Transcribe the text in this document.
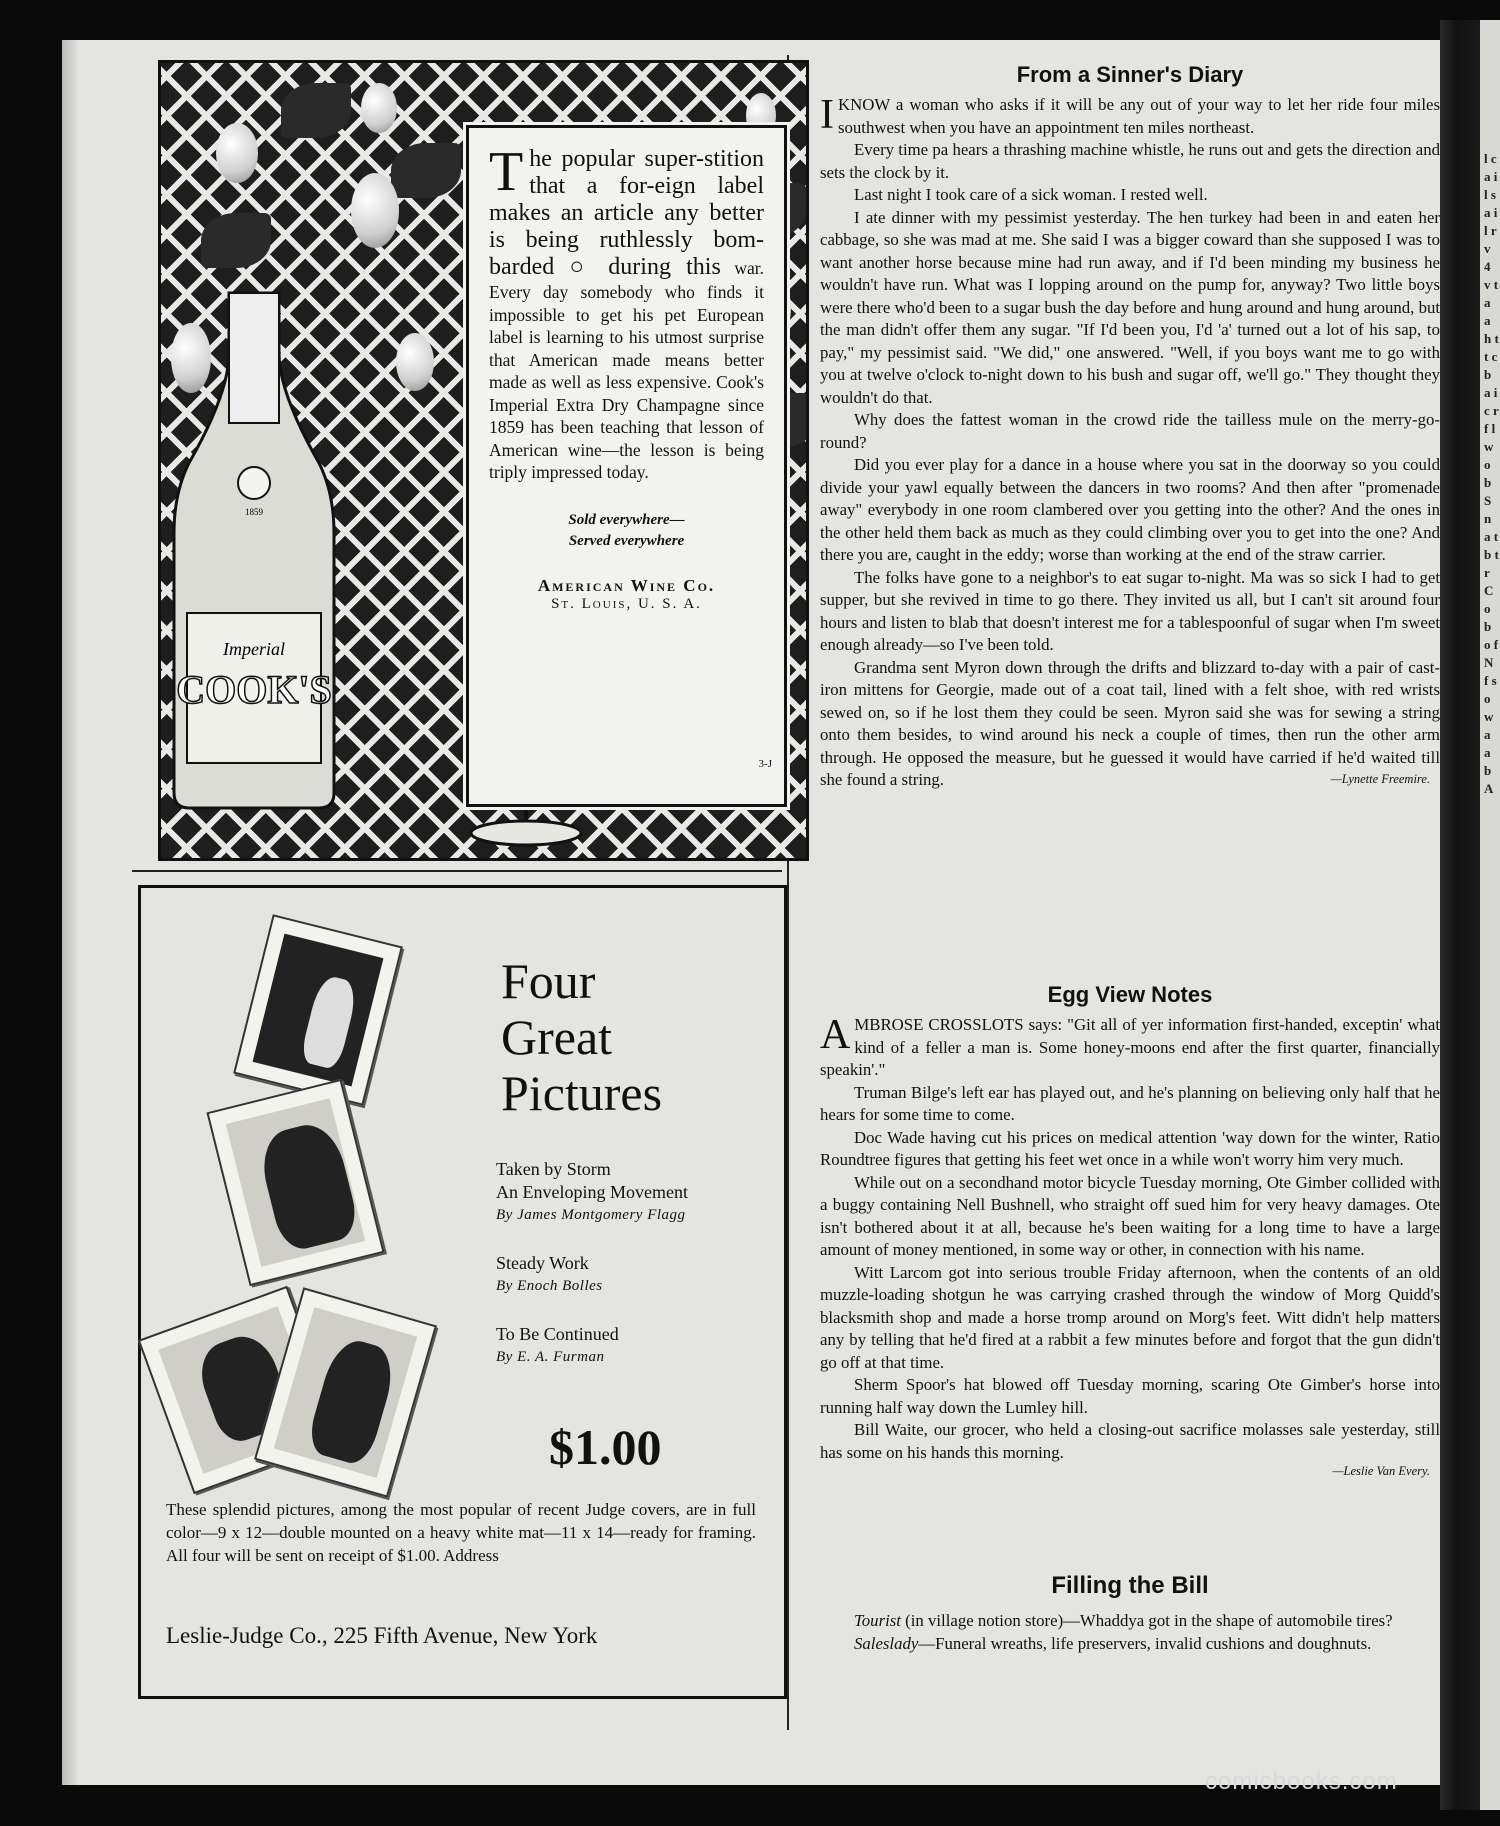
l c a i l s a i l r v 4 v t a a h t t c b a i c r f l w o b S n a t b t r C o b o f N f s o w a a b A
1859
Imperial
COOK'S
The popular super-stition that a for-eign label makes an article any better is being ruthlessly bom-barded ○ during this war. Every day somebody who finds it impossible to get his pet European label is learning to his utmost surprise that American made means better made as well as less expensive. Cook's Imperial Extra Dry Champagne since 1859 has been teaching that lesson of American wine—the lesson is being triply impressed today.
Sold everywhere—
Served everywhere
American Wine Co.
St. Louis, U. S. A.
3-J
Four
Great
Pictures
Taken by Storm
An Enveloping Movement
By James Montgomery Flagg
Steady Work
By Enoch Bolles
To Be Continued
By E. A. Furman
$1.00
These splendid pictures, among the most popular of recent Judge covers, are in full color—9 x 12—double mounted on a heavy white mat—11 x 14—ready for framing. All four will be sent on receipt of $1.00. Address
Leslie-Judge Co., 225 Fifth Avenue, New York
From a Sinner's Diary

IKNOW a woman who asks if it will be any out of your way to let her ride four miles southwest when you have an appointment ten miles northeast.

Every time pa hears a thrashing machine whistle, he runs out and gets the direction and sets the clock by it.

Last night I took care of a sick woman. I rested well.

I ate dinner with my pessimist yesterday. The hen turkey had been in and eaten her cabbage, so she was mad at me. She said I was a bigger coward than she supposed I was to want another horse because mine had run away, and if I'd been minding my business he wouldn't have run. What was I lopping around on the pump for, anyway? Two little boys were there who'd been to a sugar bush the day before and hung around and hung around, but the man didn't offer them any sugar. "If I'd been you, I'd 'a' turned out a lot of his sap, to pay," my pessimist said. "We did," one answered. "Well, if you boys want me to go with you at twelve o'clock to-night down to his bush and sugar off, we'll go." They thought they wouldn't do that.

Why does the fattest woman in the crowd ride the tailless mule on the merry-go-round?

Did you ever play for a dance in a house where you sat in the doorway so you could divide your yawl equally between the dancers in two rooms? And then after "promenade away" everybody in one room clambered over you getting into the other? And the ones in the other held them back as much as they could climbing over you to get into the one? And there you are, caught in the eddy; worse than working at the end of the straw carrier.

The folks have gone to a neighbor's to eat sugar to-night. Ma was so sick I had to get supper, but she revived in time to go there. They invited us all, but I can't sit around four hours and listen to blab that doesn't interest me for a tablespoonful of sugar when I'm sweet enough already—so I've been told.

Grandma sent Myron down through the drifts and blizzard to-day with a pair of cast-iron mittens for Georgie, made out of a coat tail, lined with a felt shoe, with red wrists sewed on, so if he lost them they could be seen. Myron said she was for sewing a string onto them besides, to wind around his neck a couple of times, then run the other arm through. He opposed the measure, but he guessed it would have carried if he'd waited till she found a string.	—Lynette Freemire.
Egg View Notes

AMBROSE CROSSLOTS says: "Git all of yer information first-handed, exceptin' what kind of a feller a man is. Some honey-moons end after the first quarter, financially speakin'."

Truman Bilge's left ear has played out, and he's planning on believing only half that he hears for some time to come.

Doc Wade having cut his prices on medical attention 'way down for the winter, Ratio Roundtree figures that getting his feet wet once in a while won't worry him very much.

While out on a secondhand motor bicycle Tuesday morning, Ote Gimber collided with a buggy containing Nell Bushnell, who straight off sued him for very heavy damages. Ote isn't bothered about it at all, because he's been waiting for a long time to have a large amount of money mentioned, in some way or other, in connection with his name.

Witt Larcom got into serious trouble Friday afternoon, when the contents of an old muzzle-loading shotgun he was carrying crashed through the window of Morg Quidd's blacksmith shop and made a horse tromp around on Morg's feet. Witt didn't help matters any by telling that he'd fired at a rabbit a few minutes before and forgot that the gun didn't go off at that time.

Sherm Spoor's hat blowed off Tuesday morning, scaring Ote Gimber's horse into running half way down the Lumley hill.

Bill Waite, our grocer, who held a closing-out sacrifice molasses sale yesterday, still has some on his hands this morning.

—Leslie Van Every.
Filling the Bill

Tourist (in village notion store)—Whaddya got in the shape of automobile tires?

Saleslady—Funeral wreaths, life preservers, invalid cushions and doughnuts.

comicbooks.com
